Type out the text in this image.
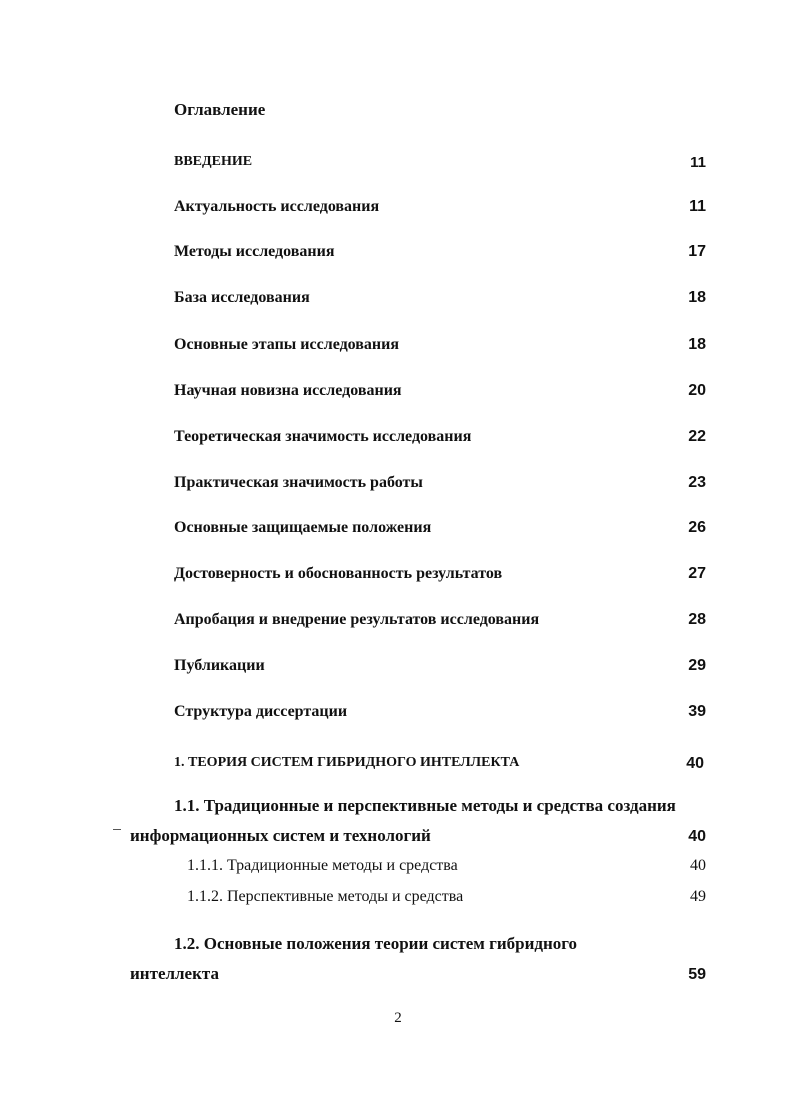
Оглавление
ВВЕДЕНИЕ	11
Актуальность исследования	11
Методы исследования	17
База исследования	18
Основные этапы исследования	18
Научная новизна исследования	20
Теоретическая значимость исследования	22
Практическая значимость работы	23
Основные защищаемые положения	26
Достоверность и обоснованность результатов	27
Апробация и внедрение результатов исследования	28
Публикации	29
Структура диссертации	39
1. ТЕОРИЯ СИСТЕМ ГИБРИДНОГО ИНТЕЛЛЕКТА	40
1.1. Традиционные и перспективные методы и средства создания
информационных систем и технологий	40
1.1.1. Традиционные методы и средства	40
1.1.2. Перспективные методы и средства	49
1.2. Основные положения теории систем гибридного
интеллекта	59
2
